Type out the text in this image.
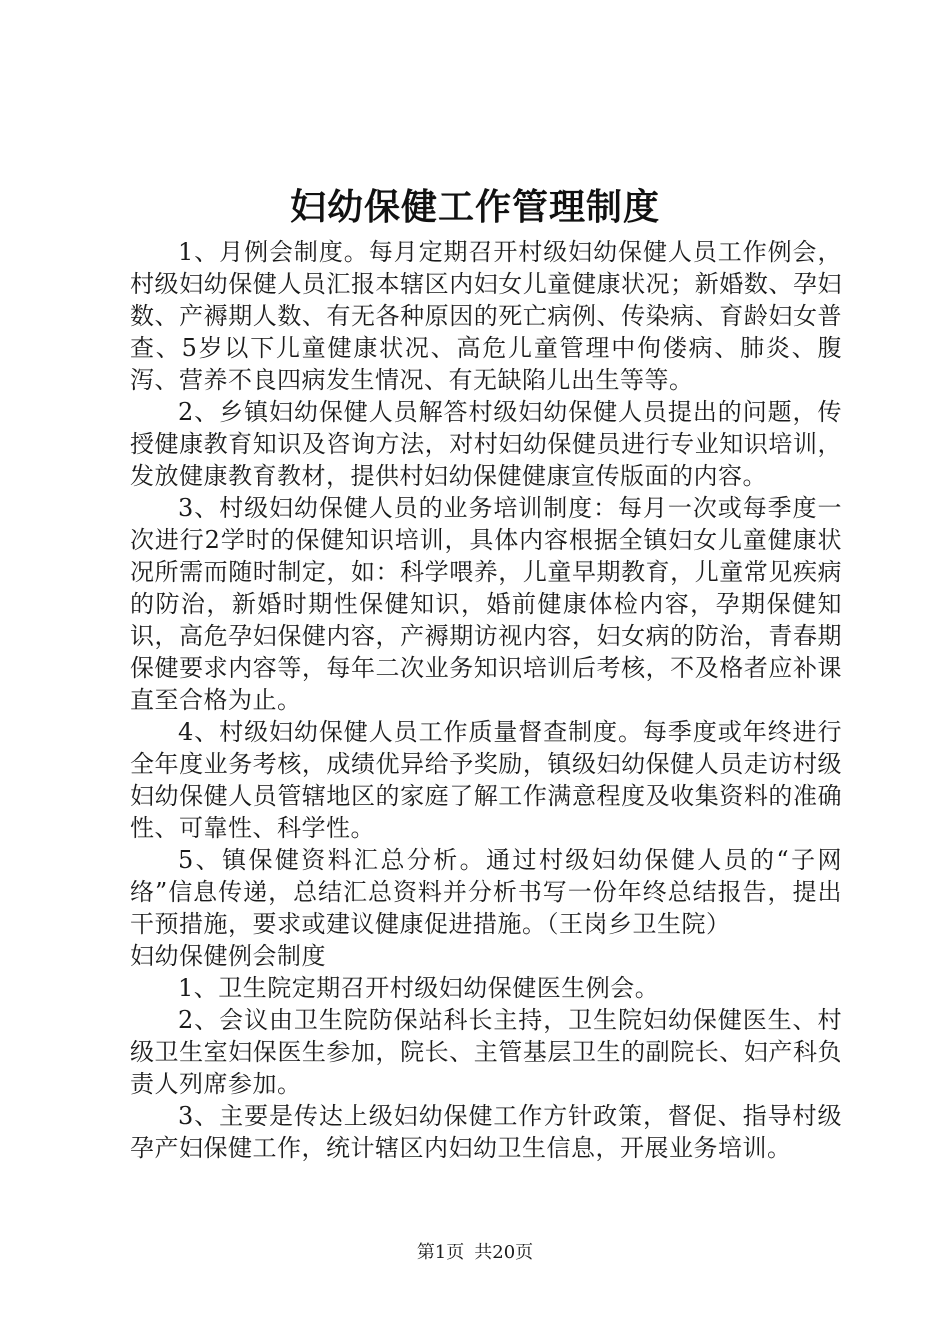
妇幼保健工作管理制度

1、月例会制度。每月定期召开村级妇幼保健人员工作例会，村级妇幼保健人员汇报本辖区内妇女儿童健康状况；新婚数、孕妇数、产褥期人数、有无各种原因的死亡病例、传染病、育龄妇女普查、5岁以下儿童健康状况、高危儿童管理中佝偻病、肺炎、腹泻、营养不良四病发生情况、有无缺陷儿出生等等。

2、乡镇妇幼保健人员解答村级妇幼保健人员提出的问题，传授健康教育知识及咨询方法，对村妇幼保健员进行专业知识培训，发放健康教育教材，提供村妇幼保健健康宣传版面的内容。

3、村级妇幼保健人员的业务培训制度：每月一次或每季度一次进行2学时的保健知识培训，具体内容根据全镇妇女儿童健康状况所需而随时制定，如：科学喂养，儿童早期教育，儿童常见疾病的防治，新婚时期性保健知识，婚前健康体检内容，孕期保健知识，高危孕妇保健内容，产褥期访视内容，妇女病的防治，青春期保健要求内容等，每年二次业务知识培训后考核，不及格者应补课直至合格为止。

4、村级妇幼保健人员工作质量督查制度。每季度或年终进行全年度业务考核，成绩优异给予奖励，镇级妇幼保健人员走访村级妇幼保健人员管辖地区的家庭了解工作满意程度及收集资料的准确性、可靠性、科学性。

5、镇保健资料汇总分析。通过村级妇幼保健人员的“子网络”信息传递，总结汇总资料并分析书写一份年终总结报告，提出干预措施，要求或建议健康促进措施。（王岗乡卫生院）

妇幼保健例会制度

1、卫生院定期召开村级妇幼保健医生例会。

2、会议由卫生院防保站科长主持，卫生院妇幼保健医生、村级卫生室妇保医生参加，院长、主管基层卫生的副院长、妇产科负责人列席参加。

3、主要是传达上级妇幼保健工作方针政策，督促、指导村级孕产妇保健工作，统计辖区内妇幼卫生信息，开展业务培训。

第1页 共20页
